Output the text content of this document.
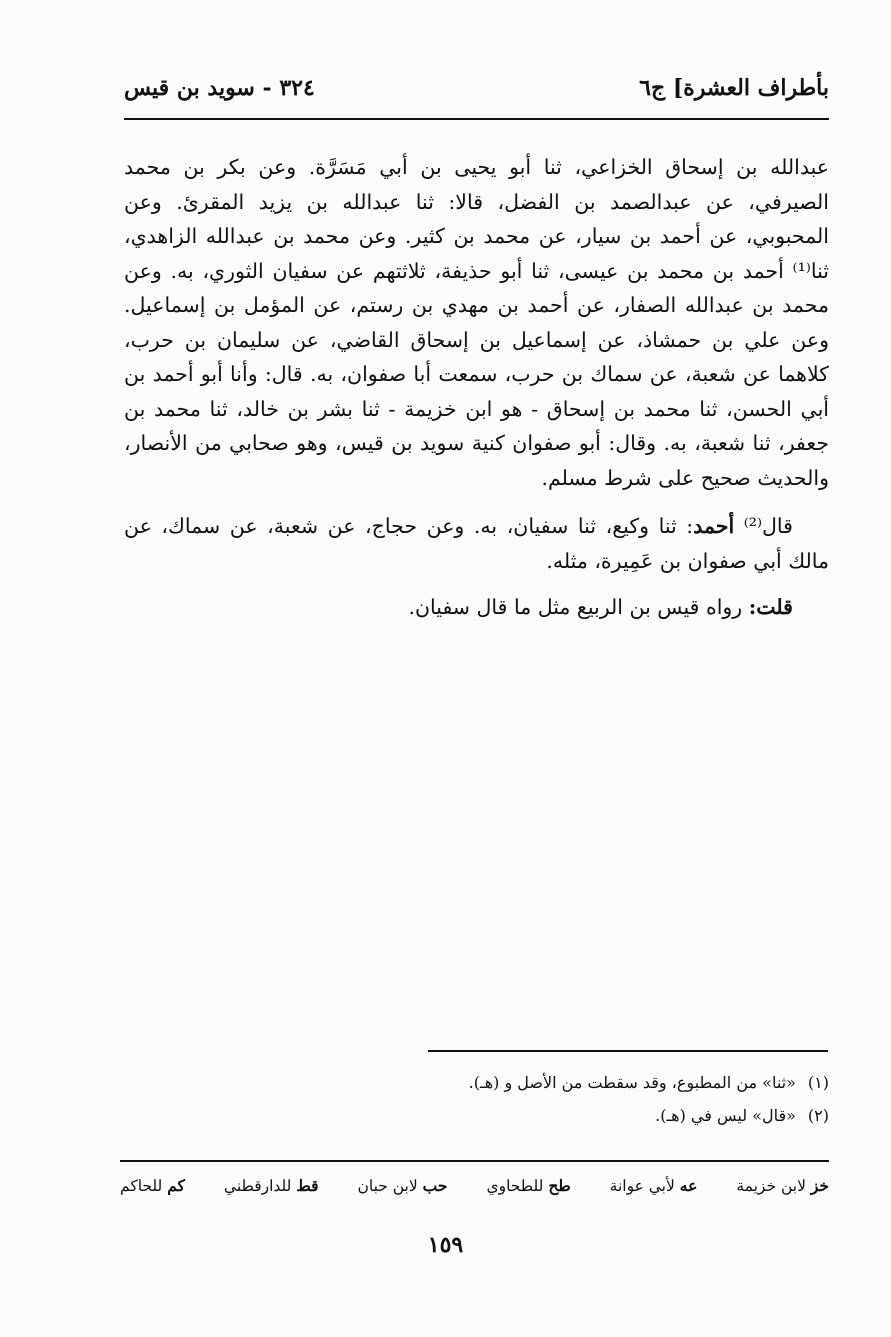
بأطراف العشرة] ج٦
٣٢٤ - سويد بن قيس

عبدالله بن إسحاق الخزاعي، ثنا أبو يحيى بن أبي مَسَرَّة. وعن بكر بن محمد الصيرفي، عن عبدالصمد بن الفضل، قالا: ثنا عبدالله بن يزيد المقرئ. وعن المحبوبي، عن أحمد بن سيار، عن محمد بن كثير. وعن محمد بن عبدالله الزاهدي، ثنا⁽¹⁾ أحمد بن محمد بن عيسى، ثنا أبو حذيفة، ثلاثتهم عن سفيان الثوري، به. وعن محمد بن عبدالله الصفار، عن أحمد بن مهدي بن رستم، عن المؤمل بن إسماعيل. وعن علي بن حمشاذ، عن إسماعيل بن إسحاق القاضي، عن سليمان بن حرب، كلاهما عن شعبة، عن سماك بن حرب، سمعت أبا صفوان، به. قال: وأنا أبو أحمد بن أبي الحسن، ثنا محمد بن إسحاق - هو ابن خزيمة - ثنا بشر بن خالد، ثنا محمد بن جعفر، ثنا شعبة، به. وقال: أبو صفوان كنية سويد بن قيس، وهو صحابي من الأنصار، والحديث صحيح على شرط مسلم.

قال⁽²⁾ أحمد: ثنا وكيع، ثنا سفيان، به. وعن حجاج، عن شعبة، عن سماك، عن مالك أبي صفوان بن عَمِيرة، مثله.

قلت: رواه قيس بن الربيع مثل ما قال سفيان.

(١)«ثنا» من المطبوع، وقد سقطت من الأصل و (هـ).
(٢)«قال» ليس في (هـ).
خز لابن خزيمة
عه لأبي عوانة
طح للطحاوي
حب لابن حبان
قط للدارقطني
كم للحاكم
١٥٩
